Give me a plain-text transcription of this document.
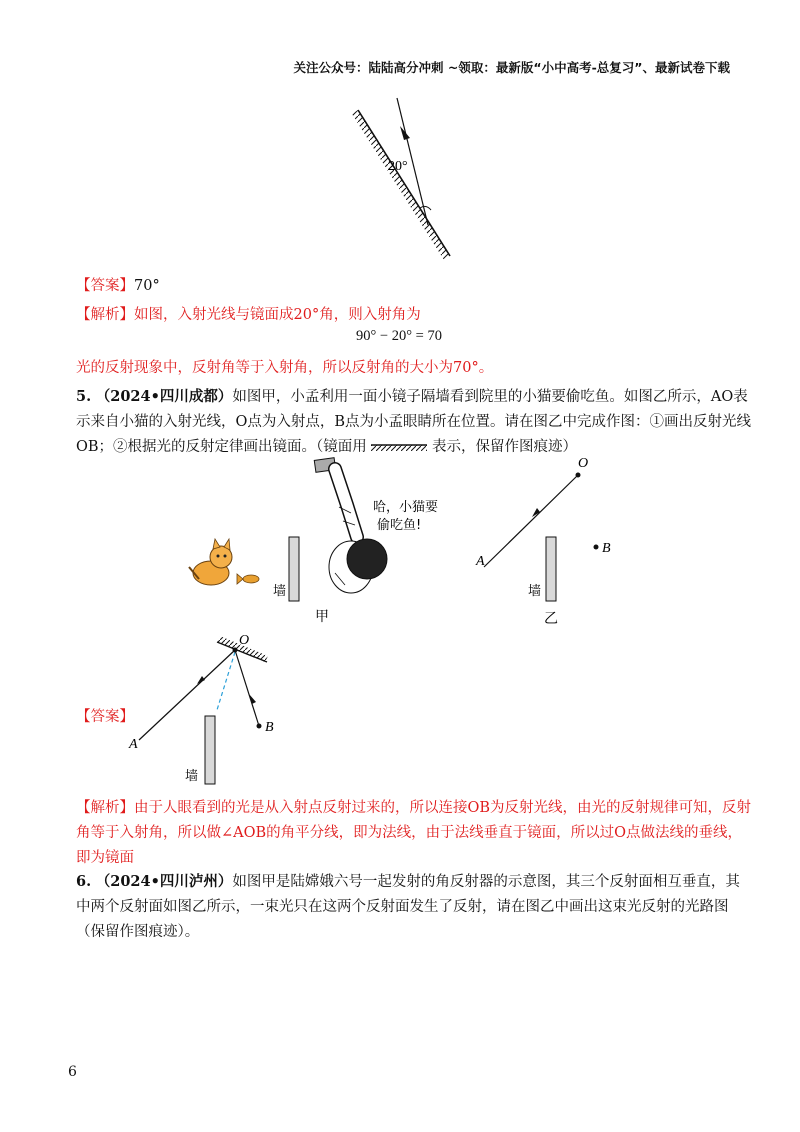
关注公众号：陆陆高分冲刺 ~领取：最新版“小中高考-总复习”、最新试卷下载
20°
【答案】70°
【解析】如图，入射光线与镜面成20°角，则入射角为
90° − 20° = 70
光的反射现象中，反射角等于入射角，所以反射角的大小为70°。
5. （2024•四川成都）如图甲，小孟利用一面小镜子隔墙看到院里的小猫要偷吃鱼。如图乙所示，AO表
示来自小猫的入射光线，O点为入射点，B点为小孟眼睛所在位置。请在图乙中完成作图：①画出反射光线
OB；②根据光的反射定律画出镜面。（镜面用	表示，保留作图痕迹）
墙
哈，小猫要
偷吃鱼!
甲
O
A
墙
B
乙
【答案】
O
B
A
墙
【解析】由于人眼看到的光是从入射点反射过来的，所以连接OB为反射光线，由光的反射规律可知，反射
角等于入射角，所以做∠AOB的角平分线，即为法线，由于法线垂直于镜面，所以过O点做法线的垂线，
即为镜面
6. （2024•四川泸州）如图甲是陆嫦娥六号一起发射的角反射器的示意图，其三个反射面相互垂直，其
中两个反射面如图乙所示，一束光只在这两个反射面发生了反射，请在图乙中画出这束光反射的光路图
（保留作图痕迹）。
6
